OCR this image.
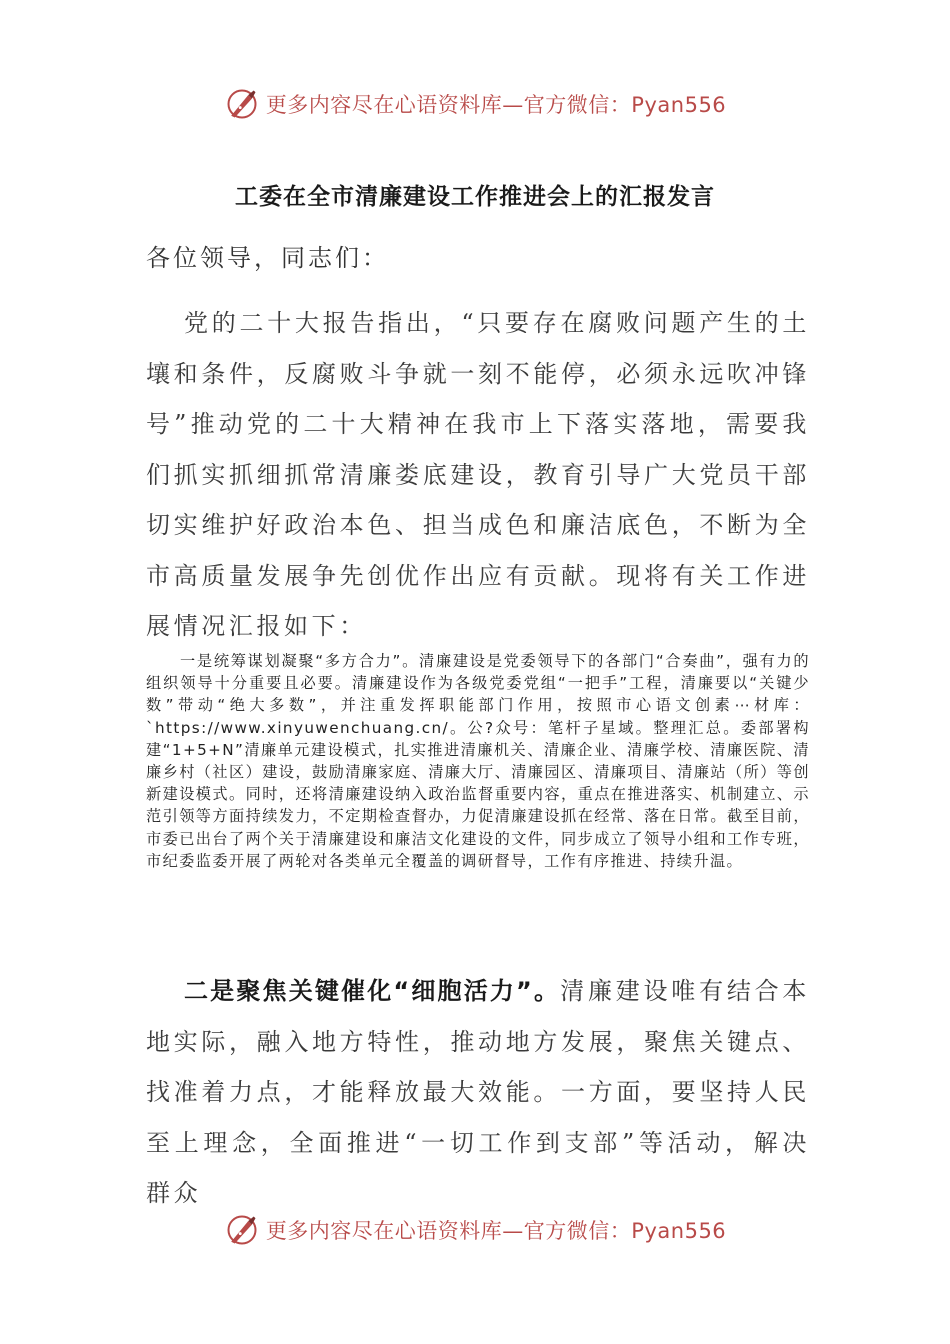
更多内容尽在心语资料库—官方微信：Pyan556
工委在全市清廉建设工作推进会上的汇报发言
各位领导，同志们：

党的二十大报告指出，“只要存在腐败问题产生的土壤和条件，反腐败斗争就一刻不能停，必须永远吹冲锋号”推动党的二十大精神在我市上下落实落地，需要我们抓实抓细抓常清廉娄底建设，教育引导广大党员干部切实维护好政治本色、担当成色和廉洁底色，不断为全市高质量发展争先创优作出应有贡献。现将有关工作进展情况汇报如下：

一是统筹谋划凝聚“多方合力”。清廉建设是党委领导下的各部门“合奏曲”，强有力的组织领导十分重要且必要。清廉建设作为各级党委党组“一把手”工程，清廉要以“关键少数”带动“绝大多数”，并注重发挥职能部门作用，按照市心语文创素⋯材库：`https://www.xinyuwenchuang.cn/。公?众号：笔杆子星域。整理汇总。委部署构建“1+5+N”清廉单元建设模式，扎实推进清廉机关、清廉企业、清廉学校、清廉医院、清廉乡村（社区）建设，鼓励清廉家庭、清廉大厅、清廉园区、清廉项目、清廉站（所）等创新建设模式。同时，还将清廉建设纳入政治监督重要内容，重点在推进落实、机制建立、示范引领等方面持续发力，不定期检查督办，力促清廉建设抓在经常、落在日常。截至目前，市委已出台了两个关于清廉建设和廉洁文化建设的文件，同步成立了领导小组和工作专班，市纪委监委开展了两轮对各类单元全覆盖的调研督导，工作有序推进、持续升温。

二是聚焦关键催化“细胞活力”。清廉建设唯有结合本地实际，融入地方特性，推动地方发展，聚焦关键点、找准着力点，才能释放最大效能。一方面，要坚持人民至上理念，全面推进“一切工作到支部”等活动，解决群众

更多内容尽在心语资料库—官方微信：Pyan556
